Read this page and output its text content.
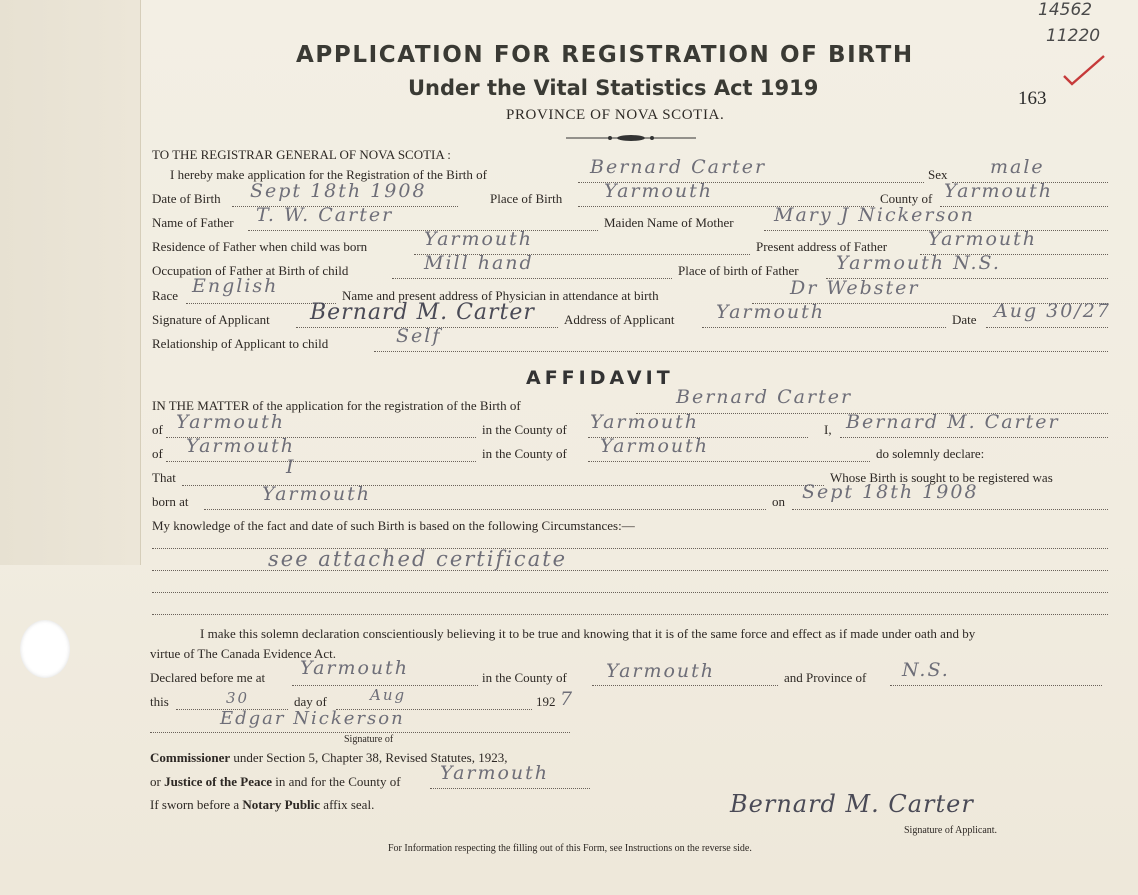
14562
11220
APPLICATION FOR REGISTRATION OF BIRTH
Under the Vital Statistics Act 1919
PROVINCE OF NOVA SCOTIA.
163
TO THE REGISTRAR GENERAL OF NOVA SCOTIA :
I hereby make application for the Registration of the Birth of	Bernard Carter	Sex male
Date of Birth Sept 18th 1908	Place of Birth Yarmouth	County of Yarmouth
Name of Father T. W. Carter	Maiden Name of Mother Mary J Nickerson
Residence of Father when child was born	Yarmouth	Present address of Father Yarmouth
Occupation of Father at Birth of child	Mill hand	Place of birth of Father Yarmouth N.S.
Race English	Name and present address of Physician in attendance at birth	Dr Webster
Signature of Applicant Bernard M. Carter Address of Applicant Yarmouth	Date Aug 30/27
Relationship of Applicant to child	Self
AFFIDAVIT
IN THE MATTER of the application for the registration of the Birth of	Bernard Carter
of Yarmouth	in the County of Yarmouth	I, Bernard M. Carter
of Yarmouth	in the County of Yarmouth	do solemnly declare:
That	I	Whose Birth is sought to be registered was
born at	Yarmouth	on Sept 18th 1908
My knowledge of the fact and date of such Birth is based on the following Circumstances:—
see attached certificate
I make this solemn declaration conscientiously believing it to be true and knowing that it is of the same force and effect as if made under oath and by
virtue of The Canada Evidence Act.
Declared before me at Yarmouth	in the County of Yarmouth	and Province of N.S.
this	30	day of	Aug	192 7
Edgar Nickerson
Signature of
Commissioner under Section 5, Chapter 38, Revised Statutes, 1923,
or Justice of the Peace in and for the County of Yarmouth
If sworn before a Notary Public affix seal.	Bernard M. Carter
Signature of Applicant.
For Information respecting the filling out of this Form, see Instructions on the reverse side.
